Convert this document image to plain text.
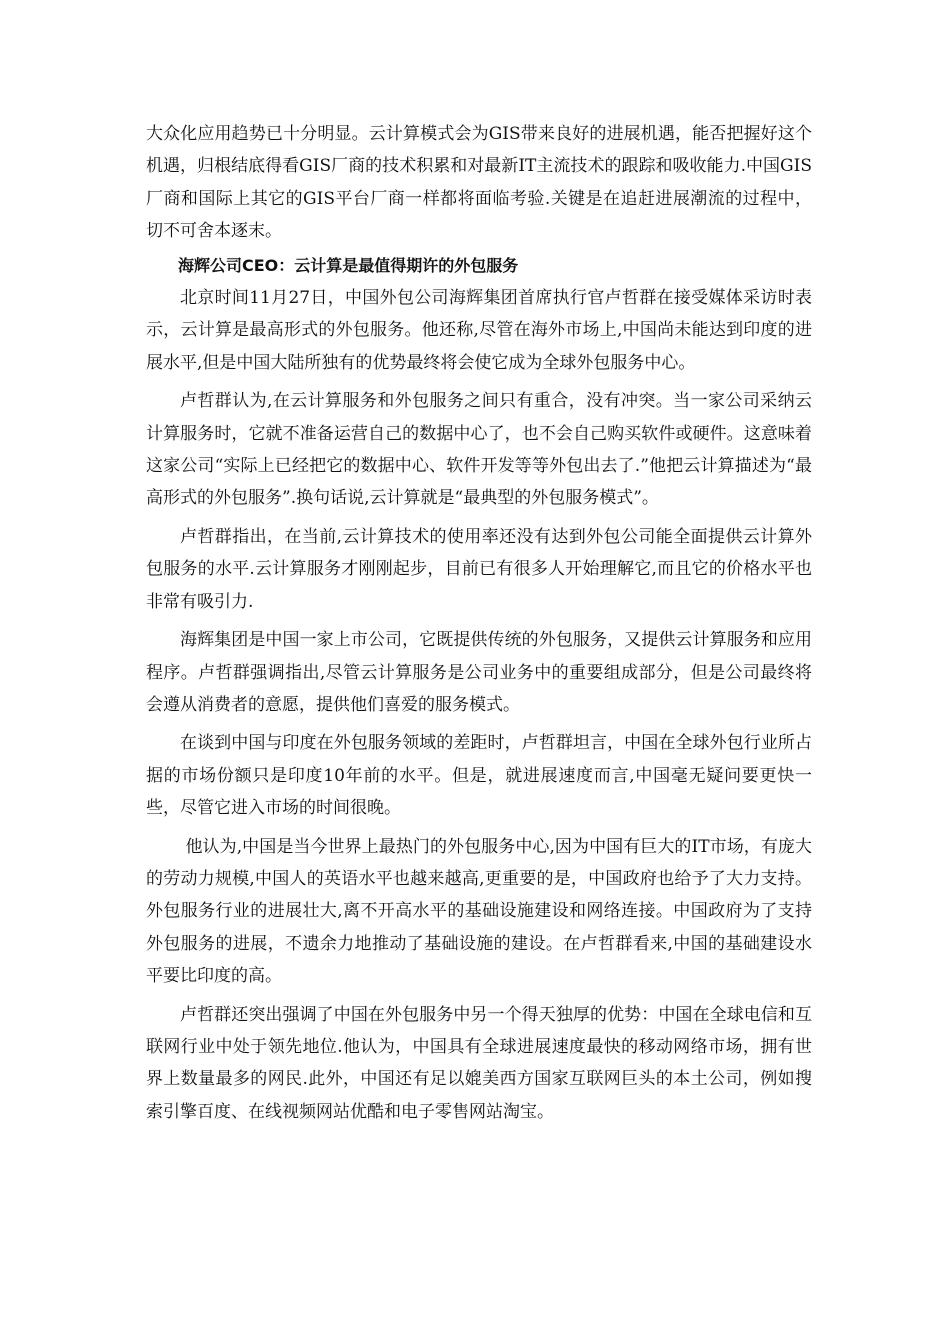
大众化应用趋势已十分明显。云计算模式会为GIS带来良好的进展机遇，能否把握好这个机遇，归根结底得看GIS厂商的技术积累和对最新IT主流技术的跟踪和吸收能力.中国GIS厂商和国际上其它的GIS平台厂商一样都将面临考验.关键是在追赶进展潮流的过程中，切不可舍本逐末。

海辉公司CEO：云计算是最值得期许的外包服务

北京时间11月27日，中国外包公司海辉集团首席执行官卢哲群在接受媒体采访时表示，云计算是最高形式的外包服务。他还称,尽管在海外市场上,中国尚未能达到印度的进展水平,但是中国大陆所独有的优势最终将会使它成为全球外包服务中心。

卢哲群认为,在云计算服务和外包服务之间只有重合，没有冲突。当一家公司采纳云计算服务时，它就不准备运营自己的数据中心了，也不会自己购买软件或硬件。这意味着这家公司“实际上已经把它的数据中心、软件开发等等外包出去了.”他把云计算描述为“最高形式的外包服务”.换句话说,云计算就是“最典型的外包服务模式”。

卢哲群指出，在当前,云计算技术的使用率还没有达到外包公司能全面提供云计算外包服务的水平.云计算服务才刚刚起步，目前已有很多人开始理解它,而且它的价格水平也非常有吸引力.

海辉集团是中国一家上市公司，它既提供传统的外包服务，又提供云计算服务和应用程序。卢哲群强调指出,尽管云计算服务是公司业务中的重要组成部分，但是公司最终将会遵从消费者的意愿，提供他们喜爱的服务模式。

在谈到中国与印度在外包服务领域的差距时，卢哲群坦言，中国在全球外包行业所占据的市场份额只是印度10年前的水平。但是，就进展速度而言,中国毫无疑问要更快一些，尽管它进入市场的时间很晚。

他认为,中国是当今世界上最热门的外包服务中心,因为中国有巨大的IT市场，有庞大的劳动力规模,中国人的英语水平也越来越高,更重要的是，中国政府也给予了大力支持。外包服务行业的进展壮大,离不开高水平的基础设施建设和网络连接。中国政府为了支持外包服务的进展，不遗余力地推动了基础设施的建设。在卢哲群看来,中国的基础建设水平要比印度的高。

卢哲群还突出强调了中国在外包服务中另一个得天独厚的优势：中国在全球电信和互联网行业中处于领先地位.他认为，中国具有全球进展速度最快的移动网络市场，拥有世界上数量最多的网民.此外，中国还有足以媲美西方国家互联网巨头的本土公司，例如搜索引擎百度、在线视频网站优酷和电子零售网站淘宝。
